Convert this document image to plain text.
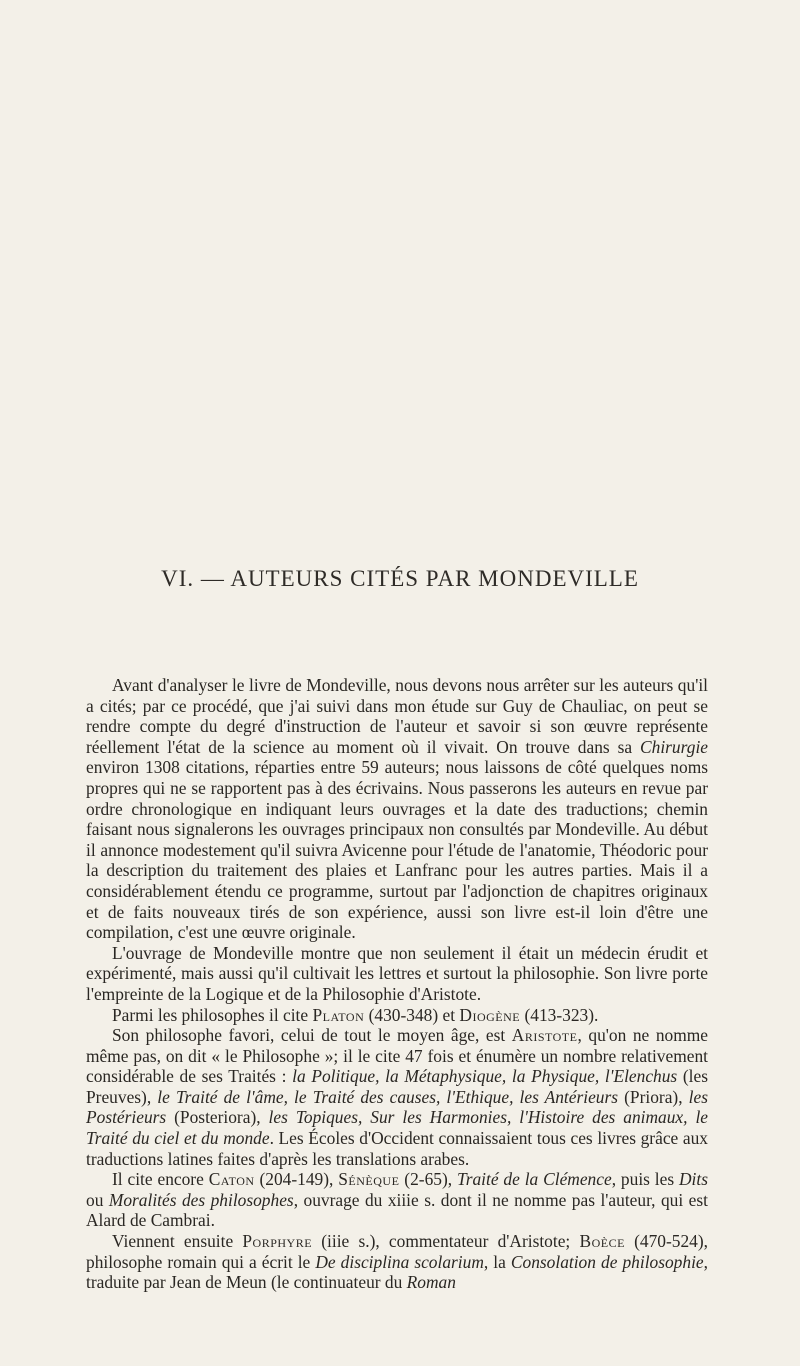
VI. — AUTEURS CITÉS PAR MONDEVILLE

Avant d'analyser le livre de Mondeville, nous devons nous arrêter sur les auteurs qu'il a cités; par ce procédé, que j'ai suivi dans mon étude sur Guy de Chauliac, on peut se rendre compte du degré d'instruction de l'auteur et savoir si son œuvre représente réellement l'état de la science au moment où il vivait. On trouve dans sa Chirurgie environ 1308 citations, réparties entre 59 auteurs; nous laissons de côté quelques noms propres qui ne se rapportent pas à des écrivains. Nous passerons les auteurs en revue par ordre chronologique en indiquant leurs ouvrages et la date des traductions; chemin faisant nous signalerons les ouvrages principaux non consultés par Mondeville. Au début il annonce modestement qu'il suivra Avicenne pour l'étude de l'anatomie, Théodoric pour la description du traitement des plaies et Lanfranc pour les autres parties. Mais il a considérablement étendu ce programme, surtout par l'adjonction de chapitres originaux et de faits nouveaux tirés de son expérience, aussi son livre est-il loin d'être une compilation, c'est une œuvre originale.

L'ouvrage de Mondeville montre que non seulement il était un médecin érudit et expérimenté, mais aussi qu'il cultivait les lettres et surtout la philosophie. Son livre porte l'empreinte de la Logique et de la Philosophie d'Aristote.

Parmi les philosophes il cite Platon (430-348) et Diogène (413-323).

Son philosophe favori, celui de tout le moyen âge, est Aristote, qu'on ne nomme même pas, on dit « le Philosophe »; il le cite 47 fois et énumère un nombre relativement considérable de ses Traités : la Politique, la Métaphysique, la Physique, l'Elenchus (les Preuves), le Traité de l'âme, le Traité des causes, l'Ethique, les Antérieurs (Priora), les Postérieurs (Posteriora), les Topiques, Sur les Harmonies, l'Histoire des animaux, le Traité du ciel et du monde. Les Écoles d'Occident connaissaient tous ces livres grâce aux traductions latines faites d'après les translations arabes.

Il cite encore Caton (204-149), Sénèque (2-65), Traité de la Clémence, puis les Dits ou Moralités des philosophes, ouvrage du xiiie s. dont il ne nomme pas l'auteur, qui est Alard de Cambrai.

Viennent ensuite Porphyre (iiie s.), commentateur d'Aristote; Boèce (470-524), philosophe romain qui a écrit le De disciplina scolarium, la Consolation de philosophie, traduite par Jean de Meun (le continuateur du Roman
